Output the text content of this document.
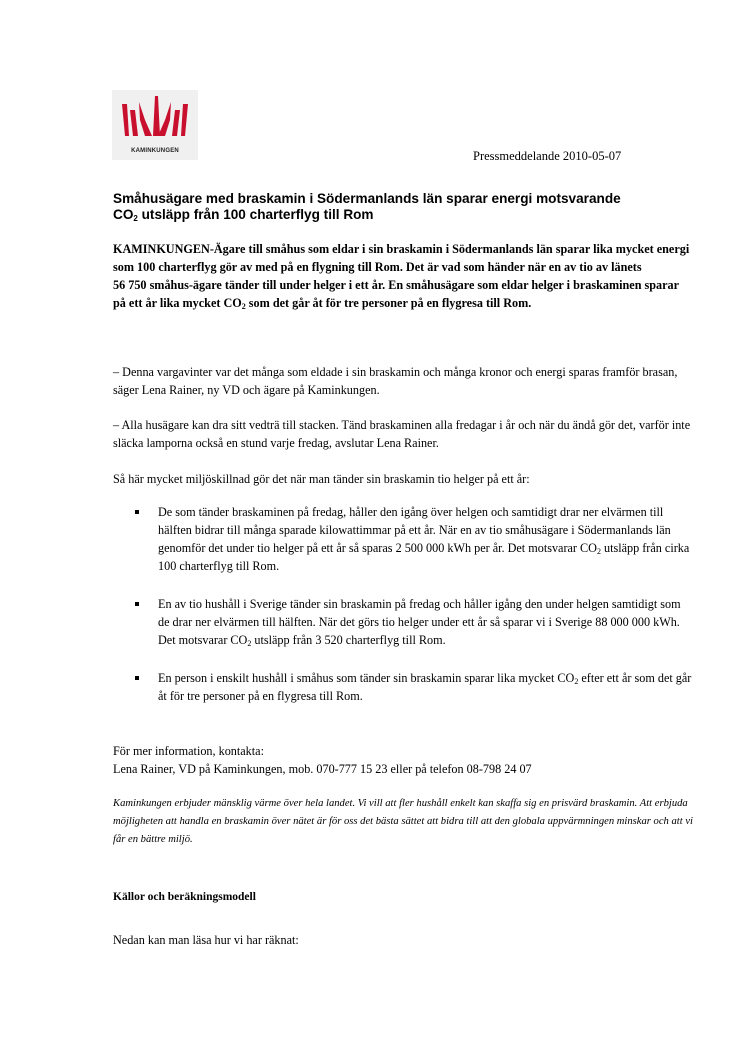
KAMINKUNGEN	Pressmeddelande 2010-05-07
Småhusägare med braskamin i Södermanlands län sparar energi motsvarande
$CO_2$ utsläpp från 100 charterflyg till Rom
KAMINKUNGEN-Ägare till småhus som eldar i sin braskamin i Södermanlands län sparar lika mycket energi som 100 charterflyg gör av med på en flygning till Rom. Det är vad som händer när en av tio av länets
56 750 småhus-ägare tänder till under helger i ett år. En småhusägare som eldar helger i braskaminen sparar på ett år lika mycket $CO_2$ som det går åt för tre personer på en flygresa till Rom.
– Denna vargavinter var det många som eldade i sin braskamin och många kronor och energi sparas framför brasan, säger Lena Rainer, ny VD och ägare på Kaminkungen.
– Alla husägare kan dra sitt vedträ till stacken. Tänd braskaminen alla fredagar i år och när du ändå gör det, varför inte släcka lamporna också en stund varje fredag, avslutar Lena Rainer.
Så här mycket miljöskillnad gör det när man tänder sin braskamin tio helger på ett år:
De som tänder braskaminen på fredag, håller den igång över helgen och samtidigt drar ner elvärmen till hälften bidrar till många sparade kilowattimmar på ett år. När en av tio småhusägare i Södermanlands län genomför det under tio helger på ett år så sparas 2 500 000 kWh per år. Det motsvarar $CO_2$ utsläpp från cirka 100 charterflyg till Rom.
En av tio hushåll i Sverige tänder sin braskamin på fredag och håller igång den under helgen samtidigt som de drar ner elvärmen till hälften. När det görs tio helger under ett år så sparar vi i Sverige 88 000 000 kWh. Det motsvarar $CO_2$ utsläpp från 3 520 charterflyg till Rom.
En person i enskilt hushåll i småhus som tänder sin braskamin sparar lika mycket $CO_2$ efter ett år som det går åt för tre personer på en flygresa till Rom.
För mer information, kontakta:
Lena Rainer, VD på Kaminkungen, mob. 070-777 15 23 eller på telefon 08-798 24 07
Kaminkungen erbjuder mänsklig värme över hela landet. Vi vill att fler hushåll enkelt kan skaffa sig en prisvärd braskamin. Att erbjuda möjligheten att handla en braskamin över nätet är för oss det bästa sättet att bidra till att den globala uppvärmningen minskar och att vi får en bättre miljö.
Källor och beräkningsmodell
Nedan kan man läsa hur vi har räknat:
